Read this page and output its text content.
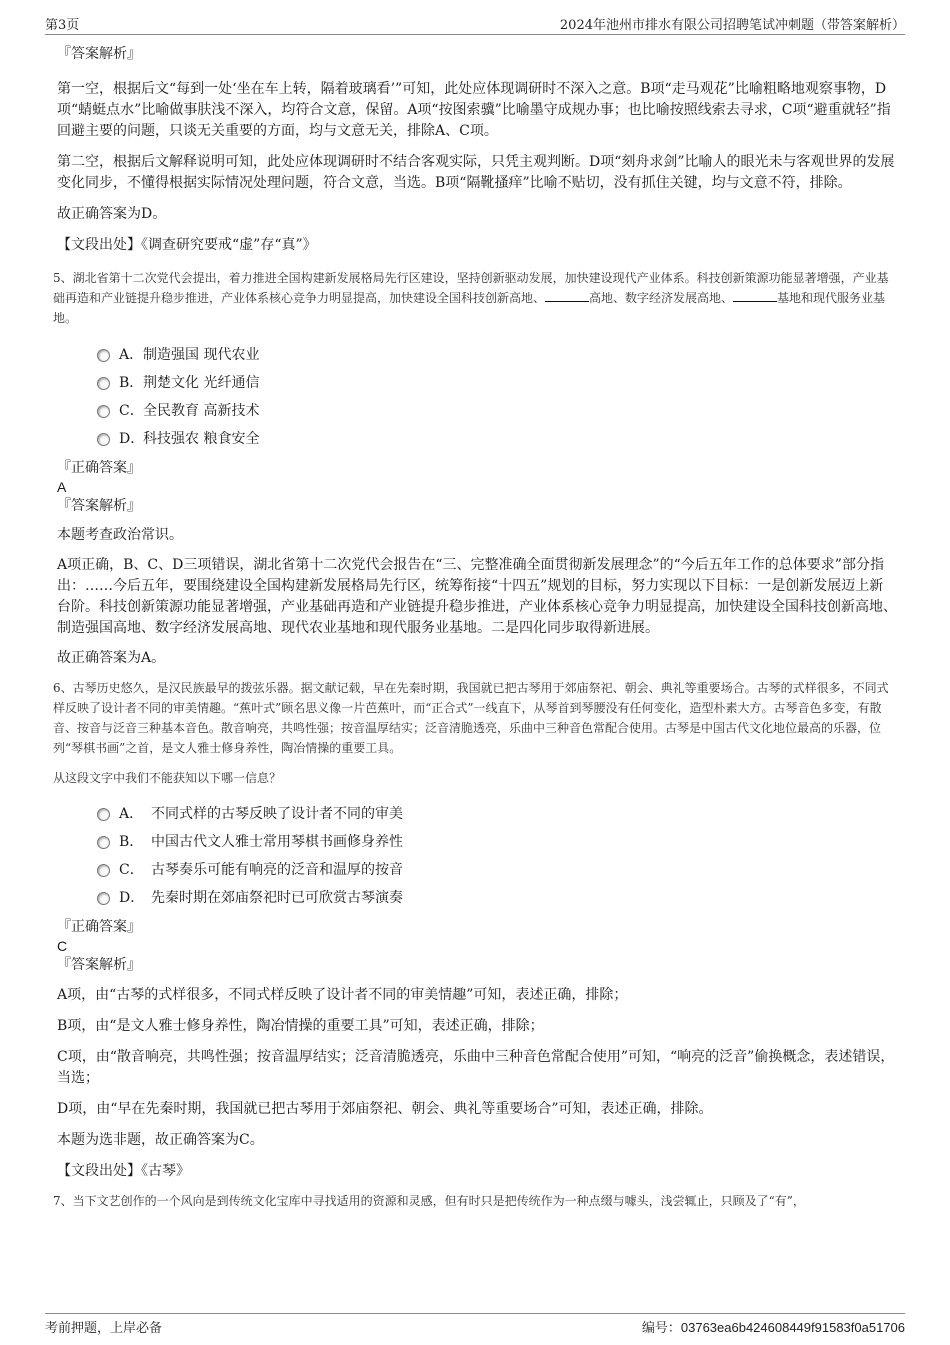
第3页	2024年池州市排水有限公司招聘笔试冲刺题（带答案解析）

『答案解析』

第一空，根据后文“每到一处‘坐在车上转，隔着玻璃看’”可知，此处应体现调研时不深入之意。B项“走马观花”比喻粗略地观察事物，D项“蜻蜓点水”比喻做事肤浅不深入，均符合文意，保留。A项“按图索骥”比喻墨守成规办事；也比喻按照线索去寻求，C项“避重就轻”指回避主要的问题，只谈无关重要的方面，均与文意无关，排除A、C项。

第二空，根据后文解释说明可知，此处应体现调研时不结合客观实际，只凭主观判断。D项“刻舟求剑”比喻人的眼光未与客观世界的发展变化同步，不懂得根据实际情况处理问题，符合文意，当选。B项“隔靴搔痒”比喻不贴切，没有抓住关键，均与文意不符，排除。

故正确答案为D。

【文段出处】《调查研究要戒“虚”存“真”》

5、湖北省第十二次党代会提出，着力推进全国构建新发展格局先行区建设，坚持创新驱动发展，加快建设现代产业体系。科技创新策源功能显著增强，产业基础再造和产业链提升稳步推进，产业体系核心竞争力明显提高，加快建设全国科技创新高地、	高地、数字经济发展高地、	基地和现代服务业基地。

A．制造强国 现代农业
B．荆楚文化 光纤通信
C．全民教育 高新技术
D．科技强农 粮食安全

『正确答案』

A

『答案解析』

本题考查政治常识。

A项正确，B、C、D三项错误，湖北省第十二次党代会报告在“三、完整准确全面贯彻新发展理念”的“今后五年工作的总体要求”部分指出：……今后五年，要围绕建设全国构建新发展格局先行区，统筹衔接“十四五”规划的目标，努力实现以下目标：一是创新发展迈上新台阶。科技创新策源功能显著增强，产业基础再造和产业链提升稳步推进，产业体系核心竞争力明显提高，加快建设全国科技创新高地、制造强国高地、数字经济发展高地、现代农业基地和现代服务业基地。二是四化同步取得新进展。

故正确答案为A。

6、古琴历史悠久，是汉民族最早的拨弦乐器。据文献记载，早在先秦时期，我国就已把古琴用于郊庙祭祀、朝会、典礼等重要场合。古琴的式样很多，不同式样反映了设计者不同的审美情趣。“蕉叶式”顾名思义像一片芭蕉叶，而“正合式”一线直下，从琴首到琴腰没有任何变化，造型朴素大方。古琴音色多变，有散音、按音与泛音三种基本音色。散音响亮，共鸣性强；按音温厚结实；泛音清脆透亮，乐曲中三种音色常配合使用。古琴是中国古代文化地位最高的乐器，位列“琴棋书画”之首，是文人雅士修身养性，陶冶情操的重要工具。

从这段文字中我们不能获知以下哪一信息？

A． 不同式样的古琴反映了设计者不同的审美
B． 中国古代文人雅士常用琴棋书画修身养性
C． 古琴奏乐可能有响亮的泛音和温厚的按音
D． 先秦时期在郊庙祭祀时已可欣赏古琴演奏

『正确答案』

C

『答案解析』

A项，由“古琴的式样很多，不同式样反映了设计者不同的审美情趣”可知，表述正确，排除；

B项，由“是文人雅士修身养性，陶冶情操的重要工具”可知，表述正确，排除；

C项，由“散音响亮，共鸣性强；按音温厚结实；泛音清脆透亮，乐曲中三种音色常配合使用”可知，“响亮的泛音”偷换概念，表述错误，当选；

D项，由“早在先秦时期，我国就已把古琴用于郊庙祭祀、朝会、典礼等重要场合”可知，表述正确，排除。

本题为选非题，故正确答案为C。

【文段出处】《古琴》

7、当下文艺创作的一个风向是到传统文化宝库中寻找适用的资源和灵感，但有时只是把传统作为一种点缀与噱头，浅尝辄止，只顾及了“有”，

考前押题，上岸必备	编号：03763ea6b424608449f91583f0a51706
